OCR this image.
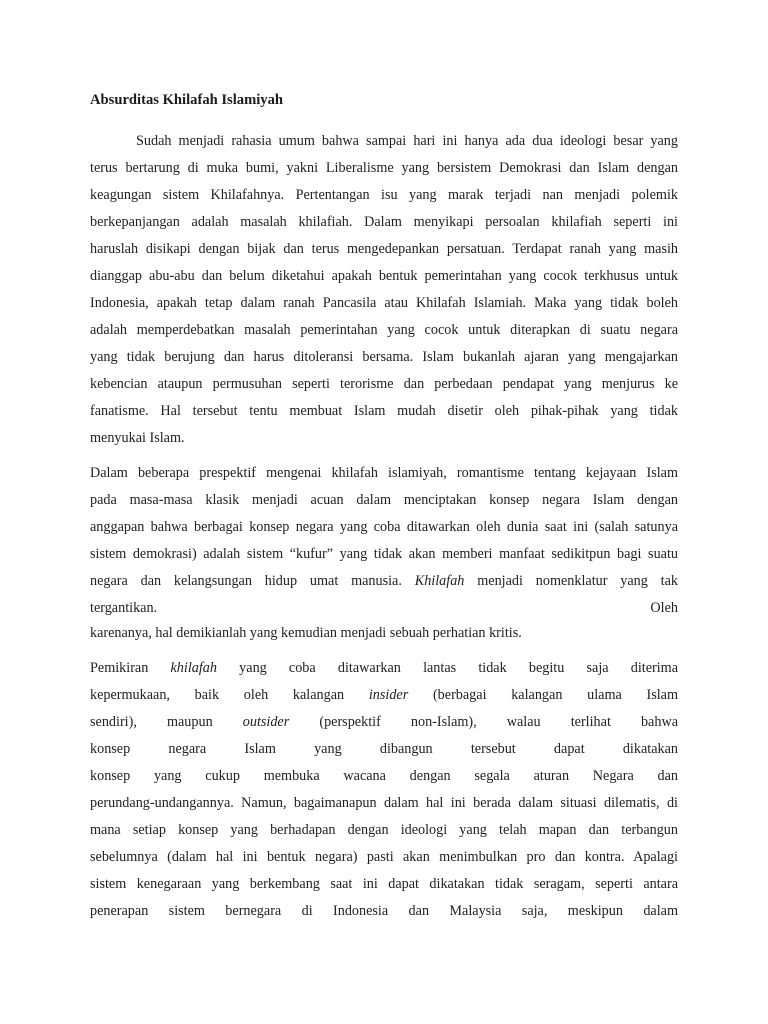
Absurditas Khilafah Islamiyah
Sudah menjadi rahasia umum bahwa sampai hari ini hanya ada dua ideologi besar yang
terus bertarung di muka bumi, yakni Liberalisme yang bersistem Demokrasi dan Islam dengan
keagungan sistem Khilafahnya. Pertentangan isu yang marak terjadi nan menjadi polemik
berkepanjangan adalah masalah khilafiah. Dalam menyikapi persoalan khilafiah seperti ini
haruslah disikapi dengan bijak dan terus mengedepankan persatuan. Terdapat ranah yang masih
dianggap abu-abu dan belum diketahui apakah bentuk pemerintahan yang cocok terkhusus untuk
Indonesia, apakah tetap dalam ranah Pancasila atau Khilafah Islamiah. Maka yang tidak boleh
adalah memperdebatkan masalah pemerintahan yang cocok untuk diterapkan di suatu negara
yang tidak berujung dan harus ditoleransi bersama. Islam bukanlah ajaran yang mengajarkan
kebencian ataupun permusuhan seperti terorisme dan perbedaan pendapat yang menjurus ke
fanatisme. Hal tersebut tentu membuat Islam mudah disetir oleh pihak-pihak yang tidak
menyukai Islam.
Dalam beberapa prespektif mengenai khilafah islamiyah, romantisme tentang kejayaan Islam
pada masa-masa klasik menjadi acuan dalam menciptakan konsep negara Islam dengan
anggapan bahwa berbagai konsep negara yang coba ditawarkan oleh dunia saat ini (salah satunya
sistem demokrasi) adalah sistem “kufur” yang tidak akan memberi manfaat sedikitpun bagi suatu
negara dan kelangsungan hidup umat manusia. Khilafah menjadi nomenklatur yang tak
tergantikan.	Oleh
karenanya, hal demikianlah yang kemudian menjadi sebuah perhatian kritis.
Pemikiran khilafah yang coba ditawarkan lantas tidak begitu saja diterima
kepermukaan, baik oleh kalangan insider (berbagai kalangan ulama Islam
sendiri), maupun outsider (perspektif non-Islam), walau terlihat bahwa
konsep negara Islam yang dibangun tersebut dapat dikatakan
konsep yang cukup membuka wacana dengan segala aturan Negara dan
perundang-undangannya. Namun, bagaimanapun dalam hal ini berada dalam situasi dilematis, di
mana setiap konsep yang berhadapan dengan ideologi yang telah mapan dan terbangun
sebelumnya (dalam hal ini bentuk negara) pasti akan menimbulkan pro dan kontra. Apalagi
sistem kenegaraan yang berkembang saat ini dapat dikatakan tidak seragam, seperti antara
penerapan sistem bernegara di Indonesia dan Malaysia saja, meskipun dalam
